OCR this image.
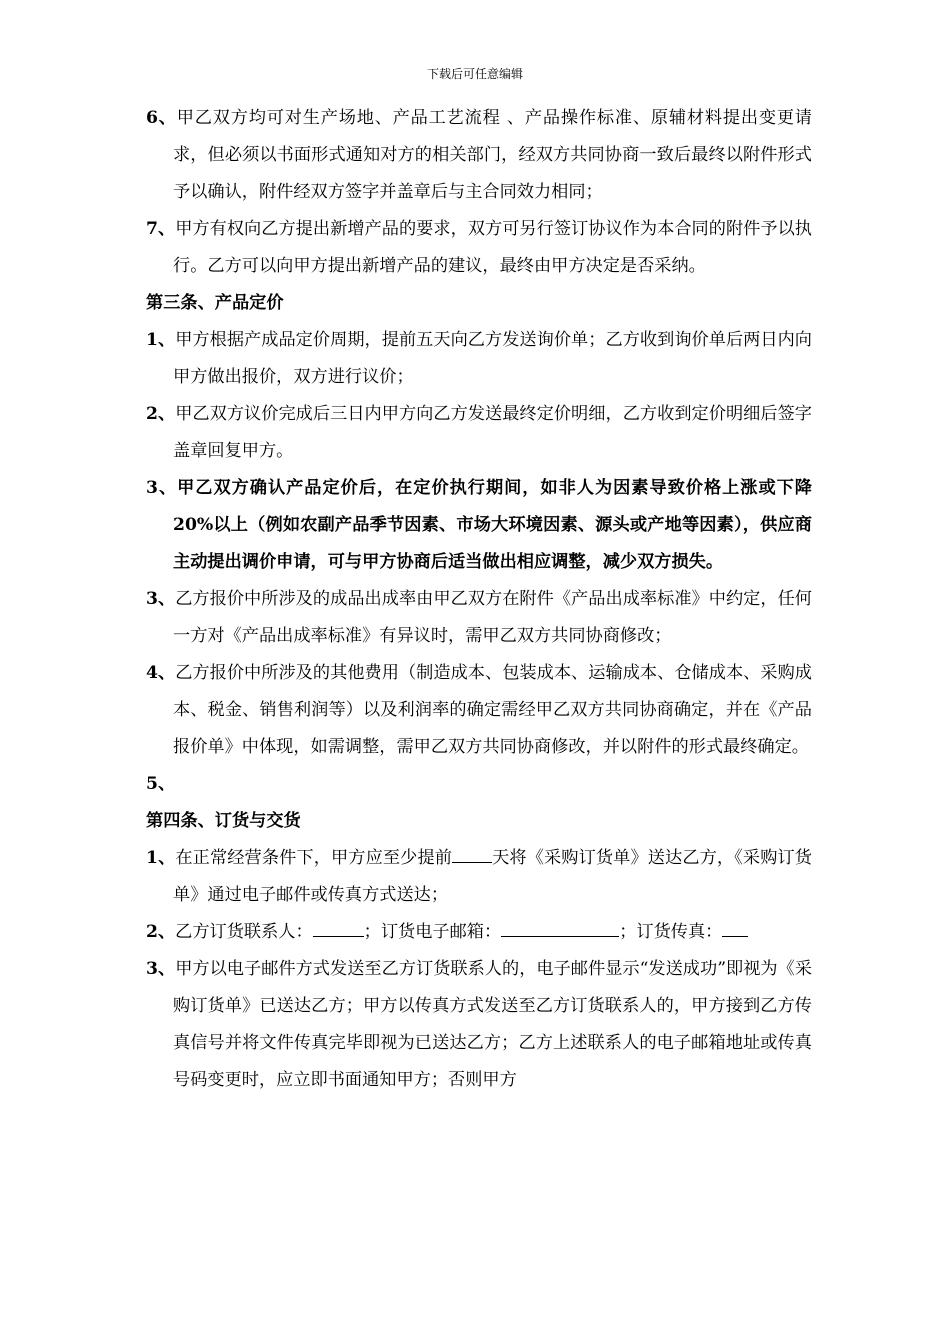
下载后可任意编辑

6、甲乙双方均可对生产场地、产品工艺流程 、产品操作标准、原辅材料提出变更请求，但必须以书面形式通知对方的相关部门，经双方共同协商一致后最终以附件形式予以确认，附件经双方签字并盖章后与主合同效力相同；

7、甲方有权向乙方提出新增产品的要求，双方可另行签订协议作为本合同的附件予以执行。乙方可以向甲方提出新增产品的建议，最终由甲方决定是否采纳。

第三条、产品定价

1、甲方根据产成品定价周期，提前五天向乙方发送询价单；乙方收到询价单后两日内向甲方做出报价，双方进行议价；

2、甲乙双方议价完成后三日内甲方向乙方发送最终定价明细，乙方收到定价明细后签字盖章回复甲方。

3、甲乙双方确认产品定价后，在定价执行期间，如非人为因素导致价格上涨或下降20%以上（例如农副产品季节因素、市场大环境因素、源头或产地等因素），供应商主动提出调价申请，可与甲方协商后适当做出相应调整，减少双方损失。

3、乙方报价中所涉及的成品出成率由甲乙双方在附件《产品出成率标准》中约定，任何一方对《产品出成率标准》有异议时，需甲乙双方共同协商修改；

4、乙方报价中所涉及的其他费用（制造成本、包装成本、运输成本、仓储成本、采购成本、税金、销售利润等）以及利润率的确定需经甲乙双方共同协商确定，并在《产品报价单》中体现，如需调整，需甲乙双方共同协商修改，并以附件的形式最终确定。

5、

第四条、订货与交货

1、在正常经营条件下，甲方应至少提前 天将《采购订货单》送达乙方，《采购订货单》通过电子邮件或传真方式送达；

2、乙方订货联系人：	；订货电子邮箱：	；订货传真：

3、甲方以电子邮件方式发送至乙方订货联系人的，电子邮件显示“发送成功”即视为《采购订货单》已送达乙方；甲方以传真方式发送至乙方订货联系人的，甲方接到乙方传真信号并将文件传真完毕即视为已送达乙方；乙方上述联系人的电子邮箱地址或传真号码变更时，应立即书面通知甲方；否则甲方
